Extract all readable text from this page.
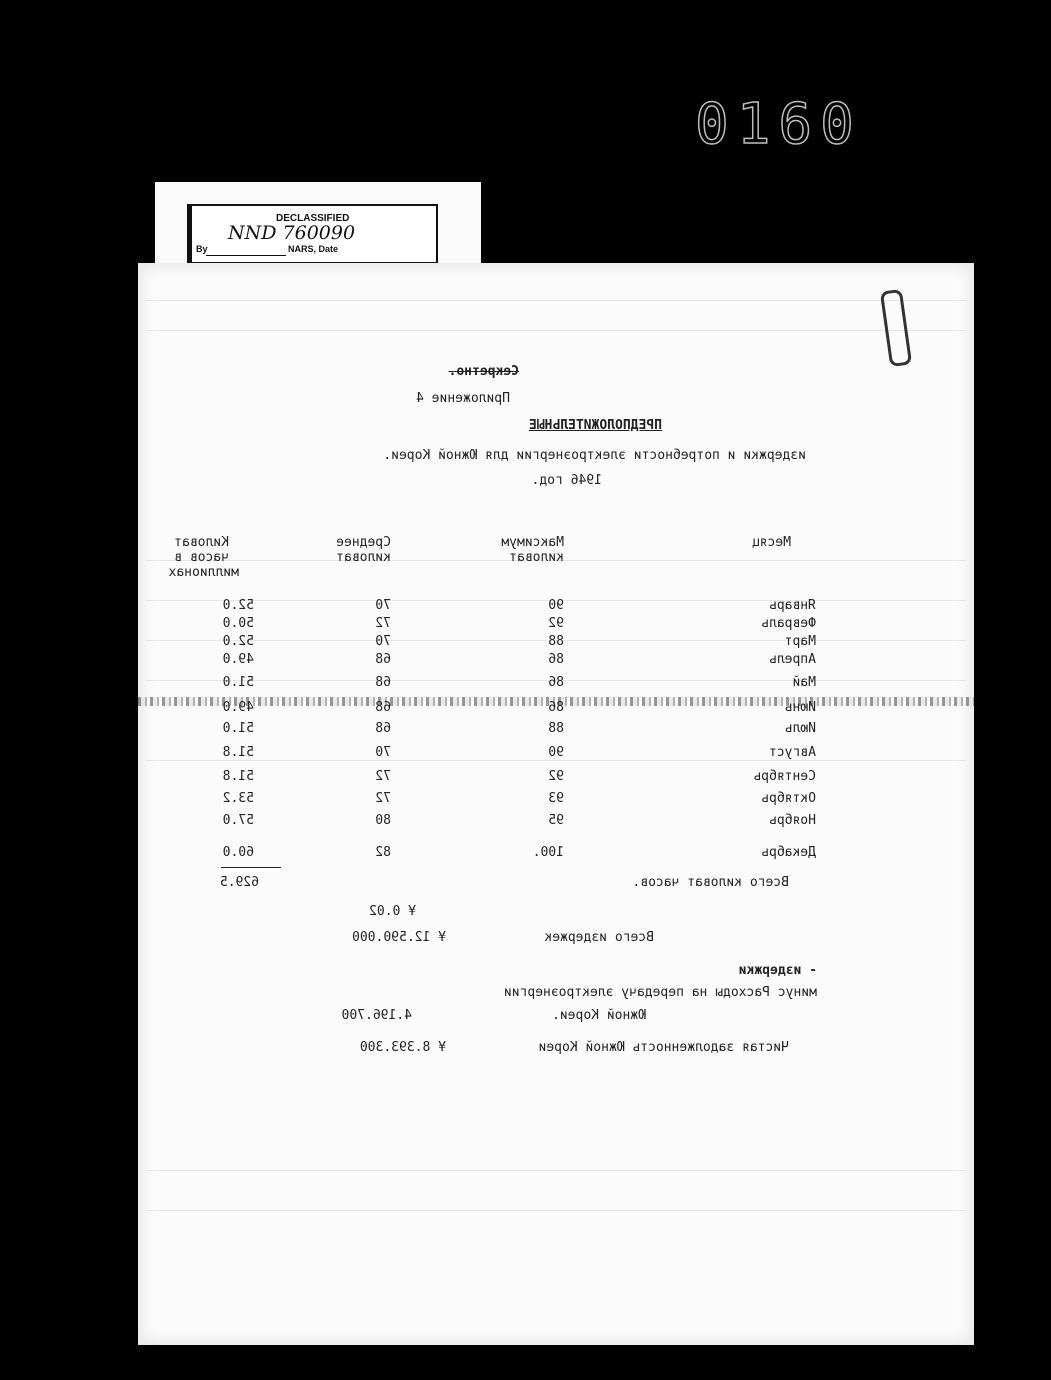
0160
DECLASSIFIED
NND 760090
By	NARS, Date
Секретно.
Приложение 4
ПРЕДПОЛОЖИТЕЛЬНЫЕ
издержки и потребности электроэнергии для Южной Кореи.
1946 год.
Месяц
Максимум
киловат
Среднее
киловат
Киловат
часов в
миллионах
Январь
90
70
52.0
Февраль
92
72
50.0
Март
88
70
52.0
Апрель
86
68
49.0
Май
86
68
51.0
Июнь
86
68
49.0
Июль
88
68
51.0
Август
90
70
51.8
Сентябрь
92
72
51.8
Октябрь
93
72
53.2
Ноябрь
95
80
57.0
Декабрь
100.
82
60.0
Всего киловат часов.
629.5
¥ 0.02
Всего издержек
¥ 12.590.000
- издержки
минус Расходы на передачу электроэнергии
Южной Кореи.
4.196.700
Чистая задолженность Южной Кореи
¥ 8.393.300
